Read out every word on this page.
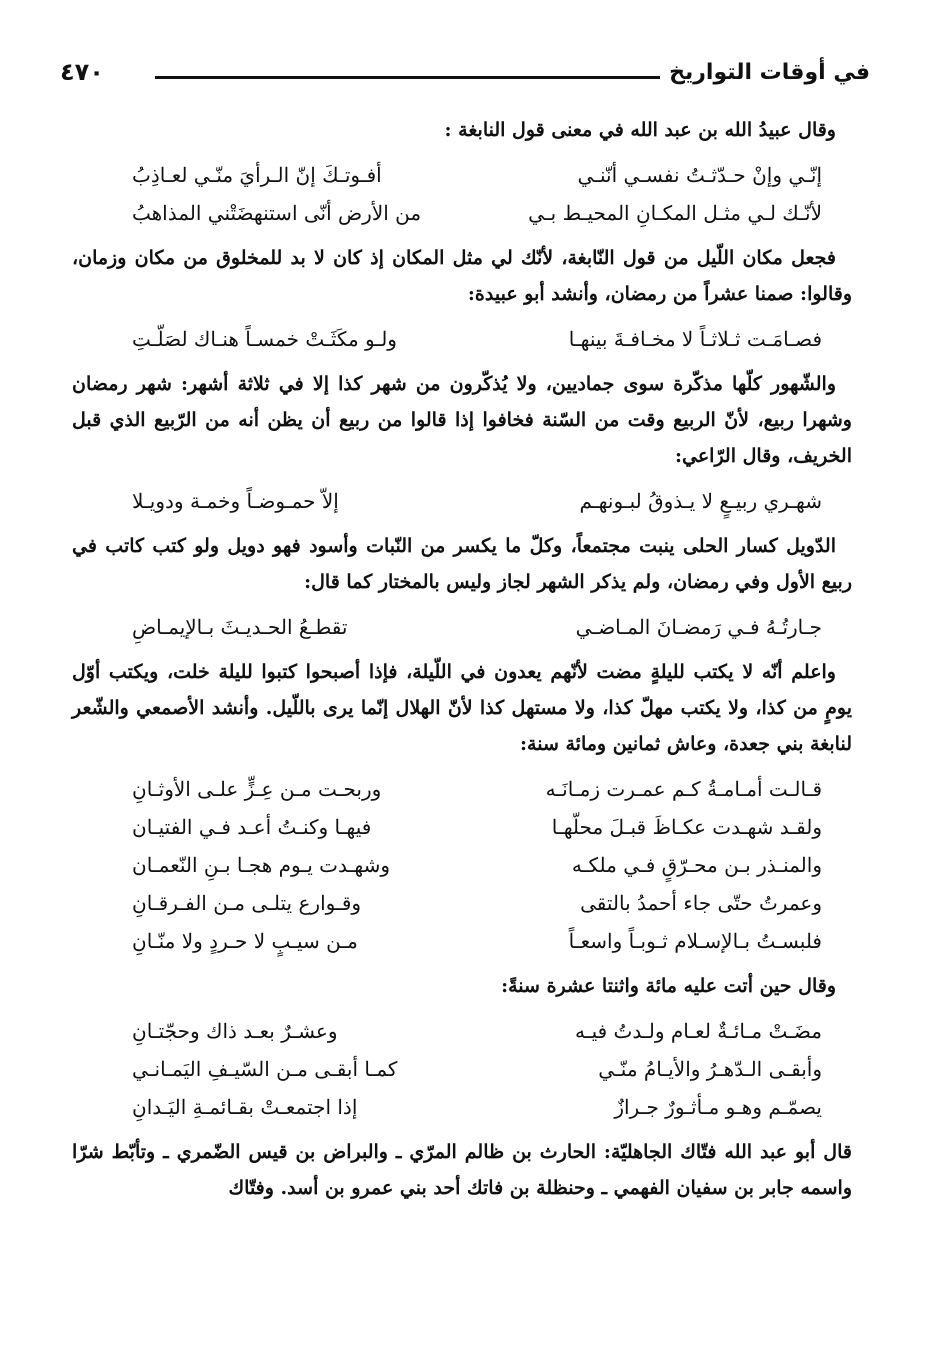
في أوقات التواريخ
٤٧٠

وقال عبيدُ الله بن عبد الله في معنى قول النابغة :

إنّـي وإنْ حـدّثـتُ نفسـي أنّنـي
أفـوتـكَ إنّ الـرأيَ منّـي لعـاذِبُ
لأنّـك لـي مثـل المكـانِ المحيـط بـي
من الأرض أنّى استنهضَتْني المذاهبُ

فجعل مكان اللّيل من قول النّابغة، لأنّك لي مثل المكان إذ كان لا بد للمخلوق من مكان وزمان، وقالوا: صمنا عشراً من رمضان، وأنشد أبو عبيدة:

فصـامَـت ثـلاثـاً لا مخـافـةَ بينهـا
ولـو مكَثَـتْ خمسـاً هنـاك لصَلّـتِ

والشّهور كلّها مذكّرة سوى جماديين، ولا يُذكّرون من شهر كذا إلا في ثلاثة أشهر: شهر رمضان وشهرا ربيع، لأنّ الربيع وقت من السّنة فخافوا إذا قالوا من ربيع أن يظن أنه من الرّبيع الذي قبل الخريف، وقال الرّاعي:

شهـري ربيـعٍ لا يـذوقُ لبـونهـم
إلاّ حمـوضـاً وخمـة ودويـلا

الدّويل كسار الحلى ينبت مجتمعاً، وكلّ ما يكسر من النّبات وأسود فهو دويل ولو كتب كاتب في ربيع الأول وفي رمضان، ولم يذكر الشهر لجاز وليس بالمختار كما قال:

جـارتُـهُ فـي رَمضـانَ المـاضـي
تقطـعُ الحـديـثَ بـالإيمـاضِ

واعلم أنّه لا يكتب لليلةٍ مضت لأنّهم يعدون في اللّيلة، فإذا أصبحوا كتبوا لليلة خلت، ويكتب أوّل يومٍ من كذا، ولا يكتب مهلّ كذا، ولا مستهل كذا لأنّ الهلال إنّما يرى باللّيل. وأنشد الأصمعي والشّعر لنابغة بني جعدة، وعاش ثمانين ومائة سنة:

قـالـت أمـامـةُ كـم عمـرت زمـانَـه
وربحـت مـن عِـزٍّ علـى الأوثـانِ
ولقـد شهـدت عكـاظَ قبـلَ محلّهـا
فيهـا وكنـتُ أعـد فـي الفتيـان
والمنـذر بـن محـرّقٍ فـي ملكـه
وشهـدت يـوم هجـا بـنِ النّعمـان
وعمرتُ حتّى جاء أحمدُ بالتقى
وقـوارع يتلـى مـن الفـرقـانِ
فلبسـتُ بـالإسـلام ثـوبـاً واسعـاً
مـن سيـبٍ لا حـردٍ ولا منّـانِ

وقال حين أتت عليه مائة واثنتا عشرة سنةً:

مضَـتْ مـائـةٌ لعـام ولـدتُ فيـه
وعشـرٌ بعـد ذاك وحجّتـانِ
وأبقـى الـدّهـرُ والأيـامُ منّـي
كمـا أبقـى مـن السّيـفِ اليَمـانـي
يصمّـم وهـو مـأثـورٌ جـرازٌ
إذا اجتمعـتْ بقـائمـةِ اليَـدانِ

قال أبو عبد الله فتّاك الجاهليّة: الحارث بن ظالم المرّي ـ والبراض بن قيس الضّمري ـ وتأبّط شرّا واسمه جابر بن سفيان الفهمي ـ وحنظلة بن فاتك أحد بني عمرو بن أسد. وفتّاك
